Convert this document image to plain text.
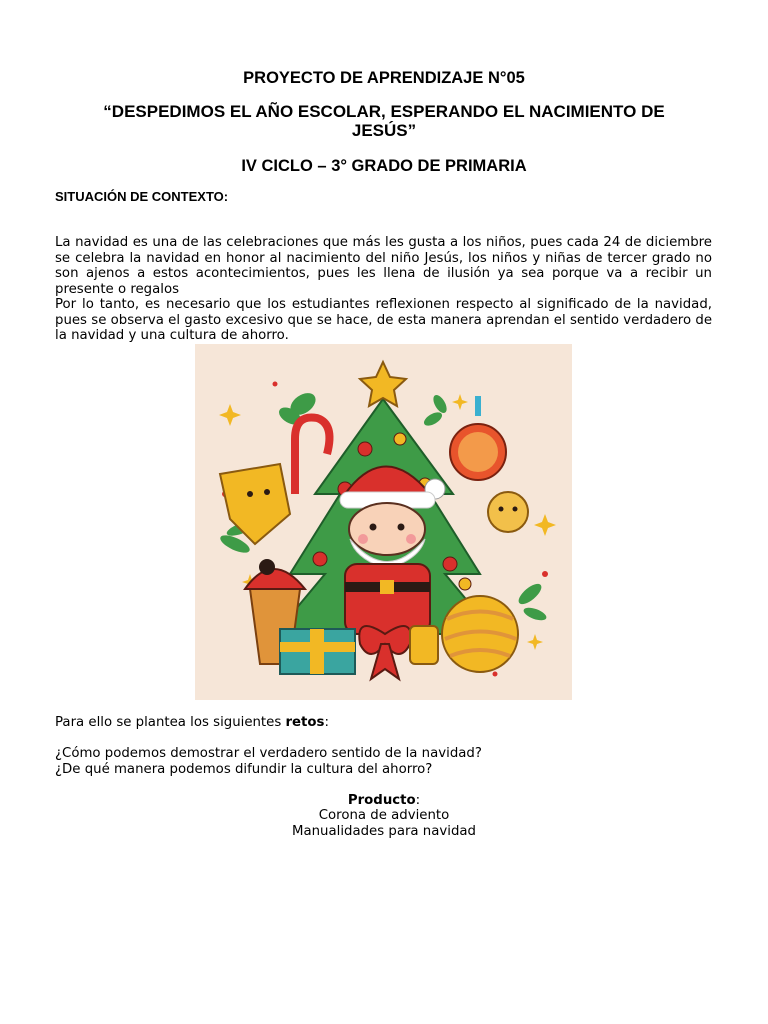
PROYECTO DE APRENDIZAJE N°05
“DESPEDIMOS EL AÑO ESCOLAR, ESPERANDO EL NACIMIENTO DE JESÚS”
IV CICLO – 3° GRADO DE PRIMARIA
SITUACIÓN DE CONTEXTO:
La navidad es una de las celebraciones que más les gusta a los niños, pues cada 24 de diciembre se celebra la navidad en honor al nacimiento del niño Jesús, los niños y niñas de tercer grado no son ajenos a estos acontecimientos, pues les llena de ilusión ya sea porque va a recibir un presente o regalos
Por lo tanto, es necesario que los estudiantes reflexionen respecto al significado de la navidad, pues se observa el gasto excesivo que se hace, de esta manera aprendan el sentido verdadero de la navidad y una cultura de ahorro.
Para ello se plantea los siguientes retos:
¿Cómo podemos demostrar el verdadero sentido de la navidad?
¿De qué manera podemos difundir la cultura del ahorro?
Producto:
Corona de adviento
Manualidades para navidad
